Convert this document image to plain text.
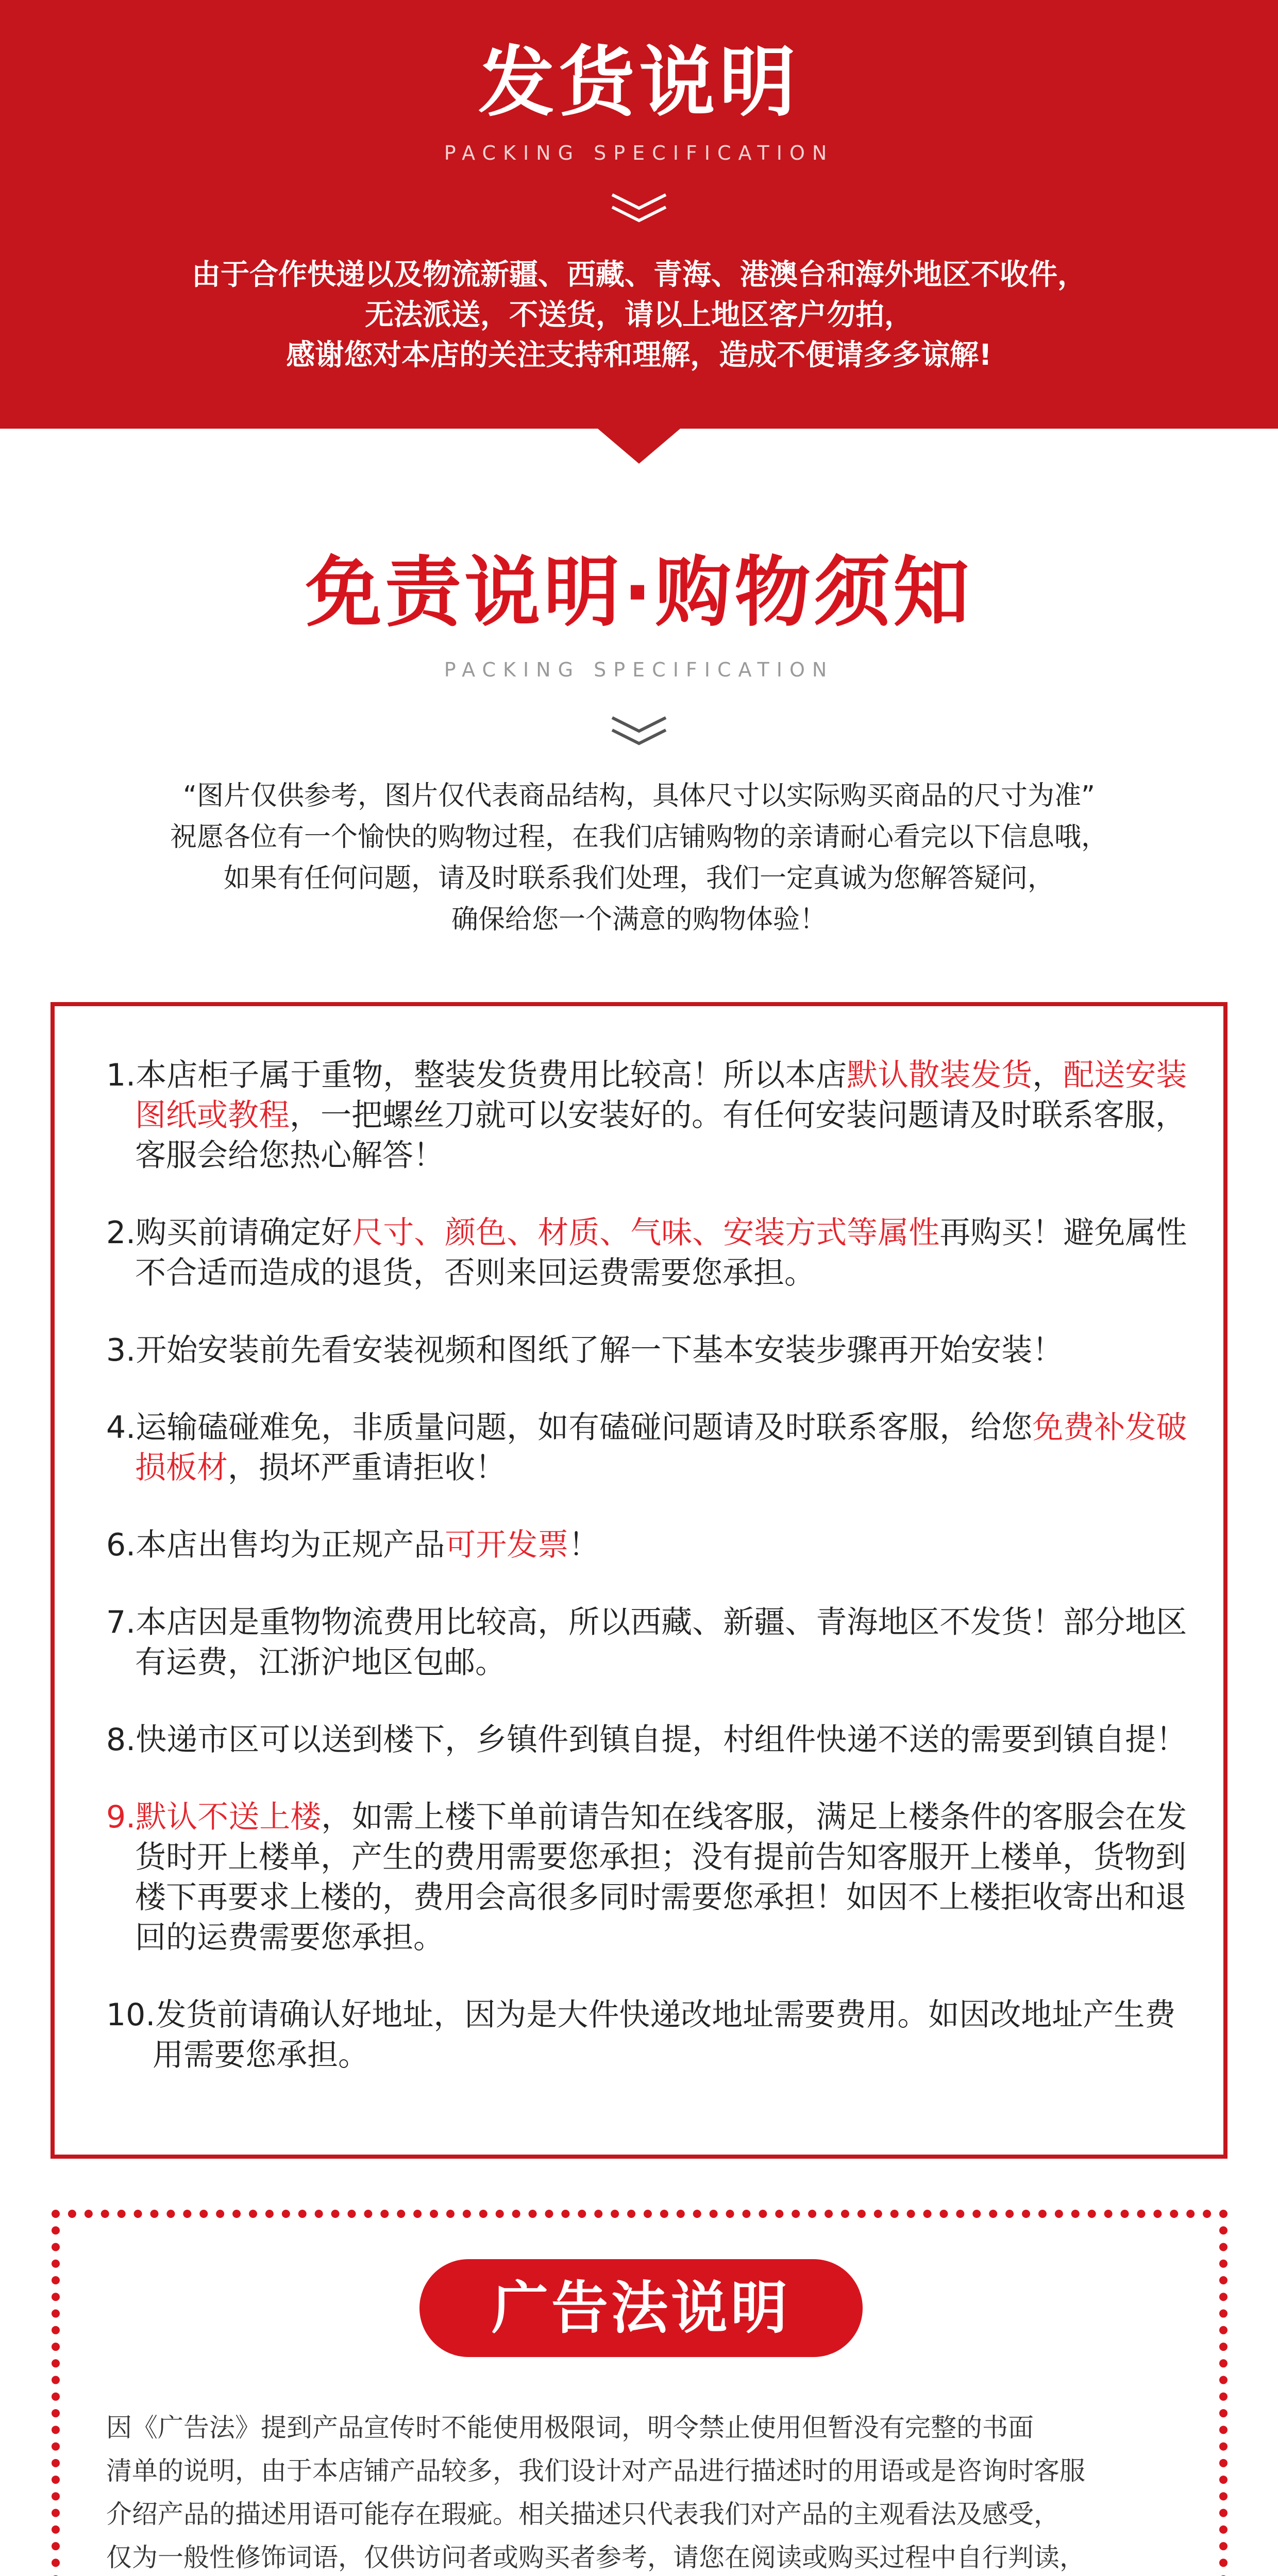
发货说明
PACKING SPECIFICATION
由于合作快递以及物流新疆、西藏、青海、港澳台和海外地区不收件，
无法派送，不送货，请以上地区客户勿拍，
感谢您对本店的关注支持和理解，造成不便请多多谅解!
免责说明·购物须知
PACKING SPECIFICATION
“图片仅供参考，图片仅代表商品结构，具体尺寸以实际购买商品的尺寸为准”
祝愿各位有一个愉快的购物过程，在我们店铺购物的亲请耐心看完以下信息哦，
如果有任何问题，请及时联系我们处理，我们一定真诚为您解答疑问，
确保给您一个满意的购物体验！
1.本店柜子属于重物，整装发货费用比较高！所以本店默认散装发货，配送安装图纸或教程，一把螺丝刀就可以安装好的。有任何安装问题请及时联系客服，客服会给您热心解答！
2.购买前请确定好尺寸、颜色、材质、气味、安装方式等属性再购买！避免属性不合适而造成的退货，否则来回运费需要您承担。
3.开始安装前先看安装视频和图纸了解一下基本安装步骤再开始安装！
4.运输磕碰难免，非质量问题，如有磕碰问题请及时联系客服，给您免费补发破损板材，损坏严重请拒收！
6.本店出售均为正规产品可开发票！
7.本店因是重物物流费用比较高，所以西藏、新疆、青海地区不发货！部分地区有运费，江浙沪地区包邮。
8.快递市区可以送到楼下，乡镇件到镇自提，村组件快递不送的需要到镇自提！
9.默认不送上楼，如需上楼下单前请告知在线客服，满足上楼条件的客服会在发货时开上楼单，产生的费用需要您承担；没有提前告知客服开上楼单，货物到楼下再要求上楼的，费用会高很多同时需要您承担！如因不上楼拒收寄出和退回的运费需要您承担。
10.发货前请确认好地址，因为是大件快递改地址需要费用。如因改地址产生费用需要您承担。
广告法说明
因《广告法》提到产品宣传时不能使用极限词，明令禁止使用但暂没有完整的书面
清单的说明，由于本店铺产品较多，我们设计对产品进行描述时的用语或是咨询时客服
介绍产品的描述用语可能存在瑕疵。相关描述只代表我们对产品的主观看法及感受，
仅为一般性修饰词语，仅供访问者或购买者参考，请您在阅读或购买过程中自行判读，
